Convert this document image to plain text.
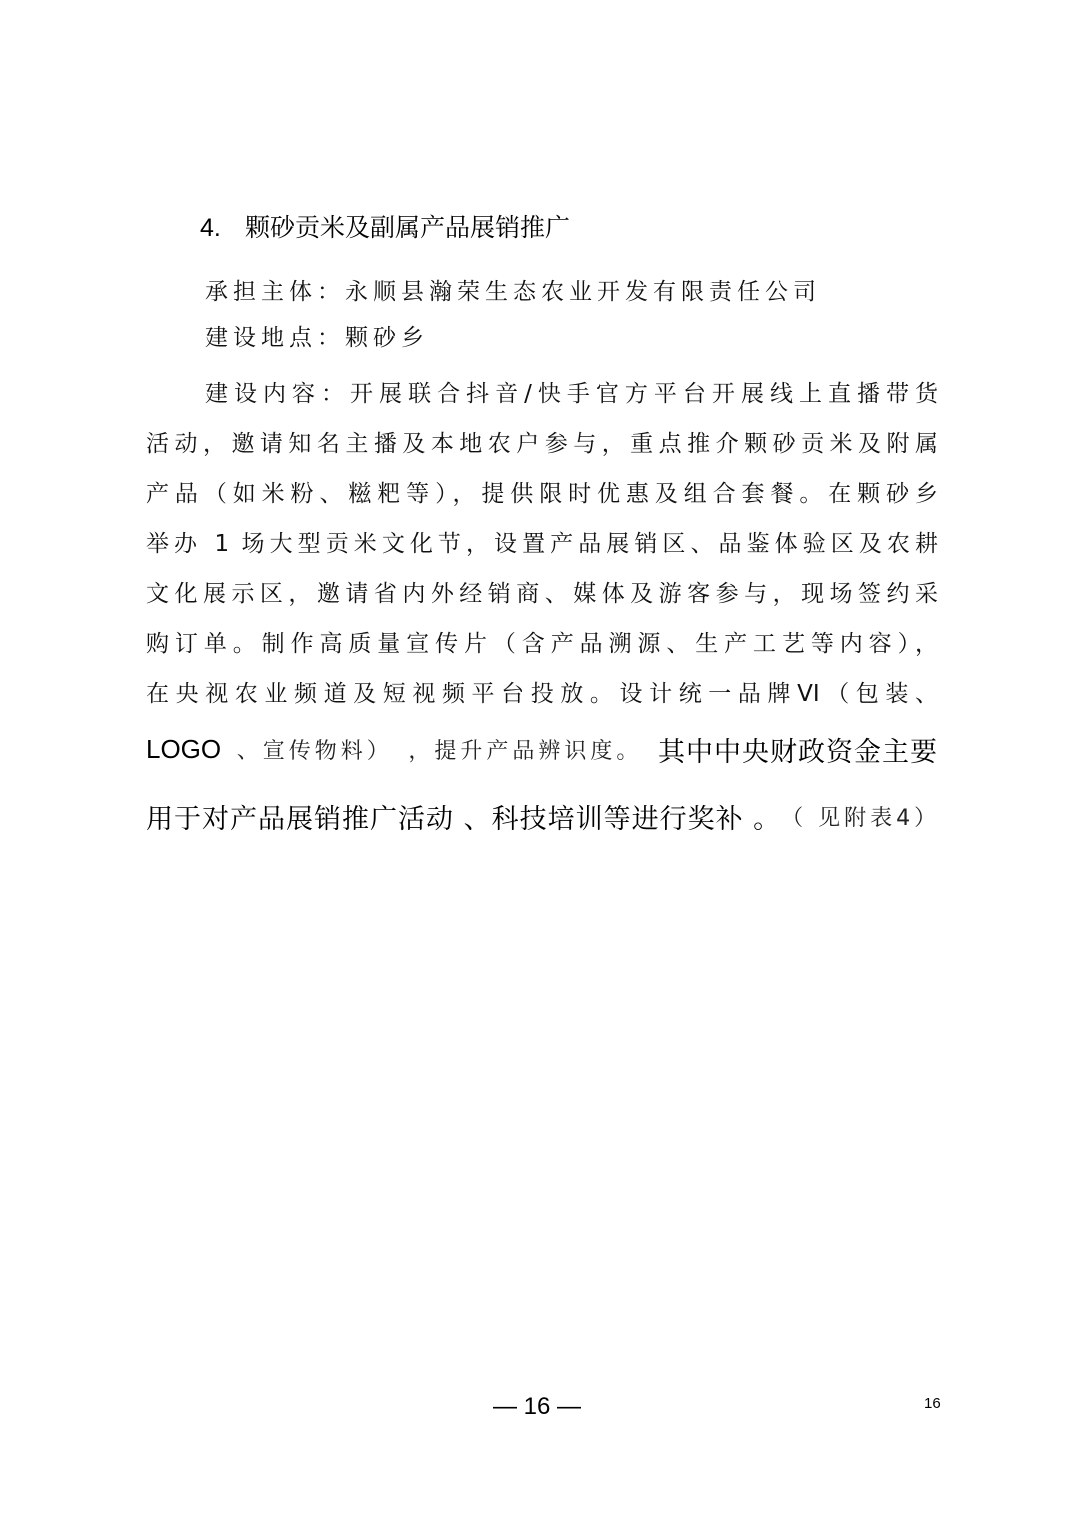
4. 颗砂贡米及副属产品展销推广
承担主体：永顺县瀚荣生态农业开发有限责任公司
建设地点：颗砂乡
建设内容：开展联合抖音/快手官方平台开展线上直播带货
活动，邀请知名主播及本地农户参与，重点推介颗砂贡米及附属
产品（如米粉、糍粑等），提供限时优惠及组合套餐。在颗砂乡
举办 1 场大型贡米文化节，设置产品展销区、品鉴体验区及农耕
文化展示区，邀请省内外经销商、媒体及游客参与，现场签约采
购订单。制作高质量宣传片（含产品溯源、生产工艺等内容），
在央视农业频道及短视频平台投放。设计统一品牌VI（包装、
LOGO 、宣传物料） ，提升产品辨识度。 其中中央财政资金主要
用于对产品展销推广活动 、科技培训等进行奖补 。 （ 见附表4）
— 16 —	16
